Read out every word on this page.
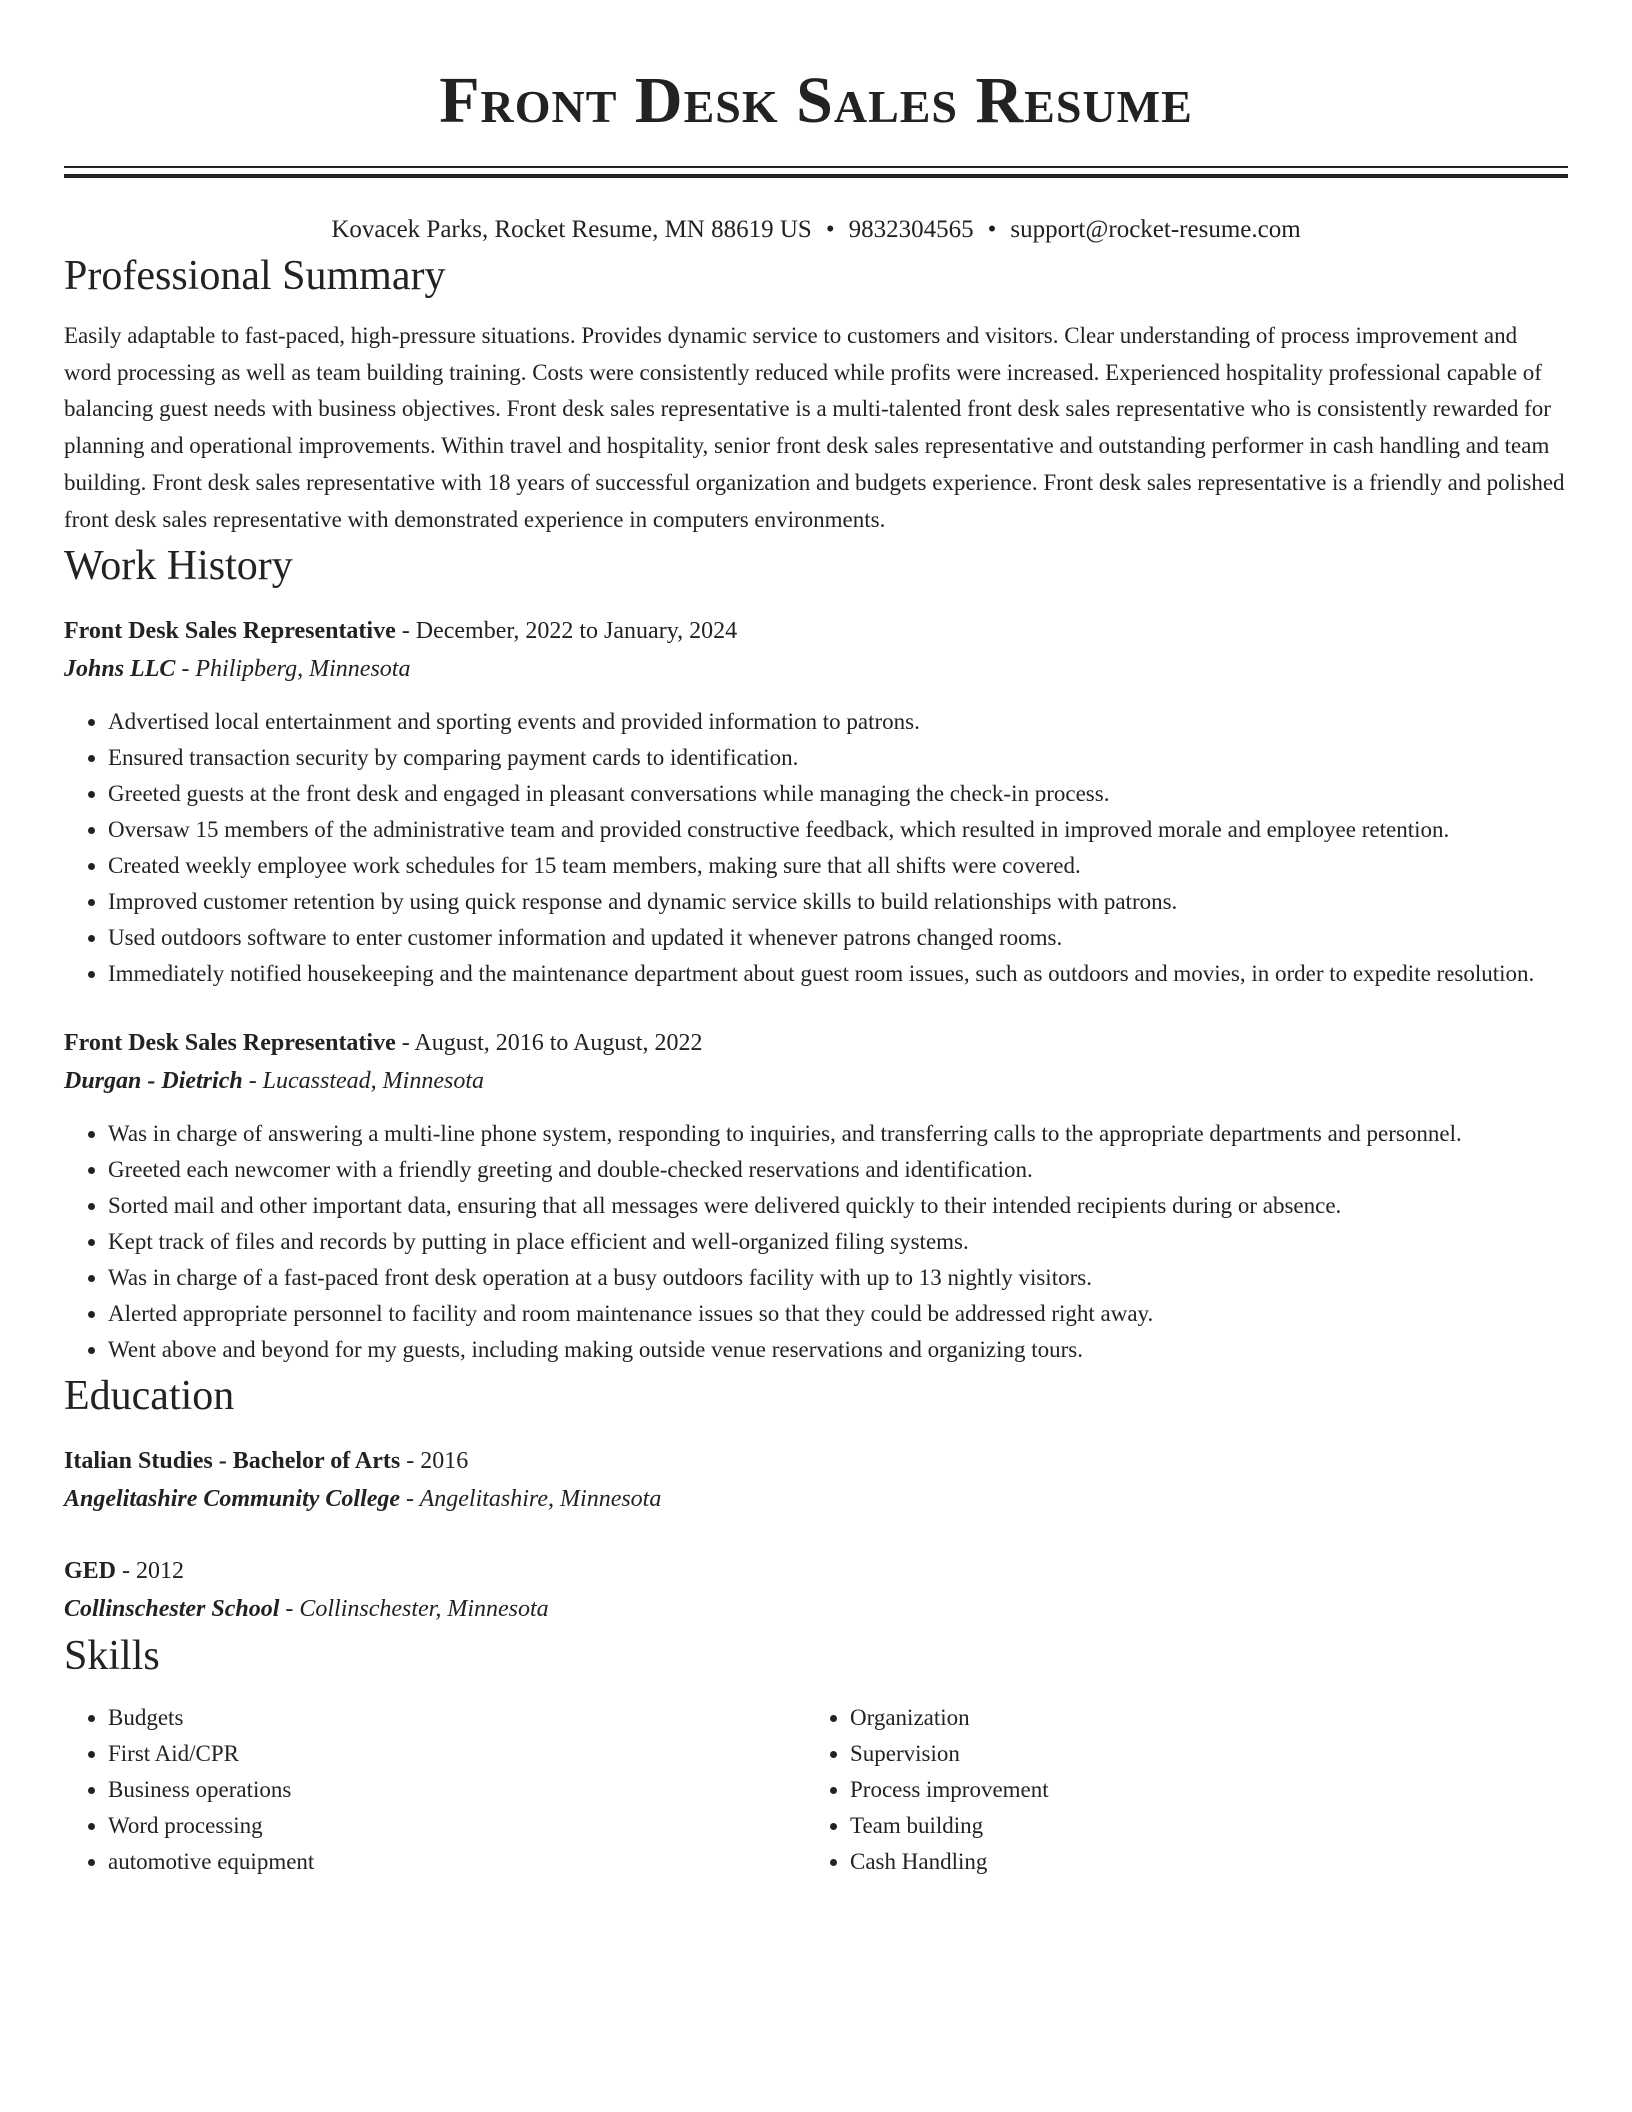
Front Desk Sales Resume
Kovacek Parks, Rocket Resume, MN 88619 US • 9832304565 • support@rocket-resume.com
Professional Summary
Easily adaptable to fast-paced, high-pressure situations. Provides dynamic service to customers and visitors. Clear understanding of process improvement and word processing as well as team building training. Costs were consistently reduced while profits were increased. Experienced hospitality professional capable of balancing guest needs with business objectives. Front desk sales representative is a multi-talented front desk sales representative who is consistently rewarded for planning and operational improvements. Within travel and hospitality, senior front desk sales representative and outstanding performer in cash handling and team building. Front desk sales representative with 18 years of successful organization and budgets experience. Front desk sales representative is a friendly and polished front desk sales representative with demonstrated experience in computers environments.
Work History
Front Desk Sales Representative - December, 2022 to January, 2024
Johns LLC - Philipberg, Minnesota
• Advertised local entertainment and sporting events and provided information to patrons.
• Ensured transaction security by comparing payment cards to identification.
• Greeted guests at the front desk and engaged in pleasant conversations while managing the check-in process.
• Oversaw 15 members of the administrative team and provided constructive feedback, which resulted in improved morale and employee retention.
• Created weekly employee work schedules for 15 team members, making sure that all shifts were covered.
• Improved customer retention by using quick response and dynamic service skills to build relationships with patrons.
• Used outdoors software to enter customer information and updated it whenever patrons changed rooms.
• Immediately notified housekeeping and the maintenance department about guest room issues, such as outdoors and movies, in order to expedite resolution.
Front Desk Sales Representative - August, 2016 to August, 2022
Durgan - Dietrich - Lucasstead, Minnesota
• Was in charge of answering a multi-line phone system, responding to inquiries, and transferring calls to the appropriate departments and personnel.
• Greeted each newcomer with a friendly greeting and double-checked reservations and identification.
• Sorted mail and other important data, ensuring that all messages were delivered quickly to their intended recipients during or absence.
• Kept track of files and records by putting in place efficient and well-organized filing systems.
• Was in charge of a fast-paced front desk operation at a busy outdoors facility with up to 13 nightly visitors.
• Alerted appropriate personnel to facility and room maintenance issues so that they could be addressed right away.
• Went above and beyond for my guests, including making outside venue reservations and organizing tours.
Education
Italian Studies - Bachelor of Arts - 2016
Angelitashire Community College - Angelitashire, Minnesota
GED - 2012
Collinschester School - Collinschester, Minnesota
Skills
• Budgets
• First Aid/CPR
• Business operations
• Word processing
• automotive equipment
• Organization
• Supervision
• Process improvement
• Team building
• Cash Handling
